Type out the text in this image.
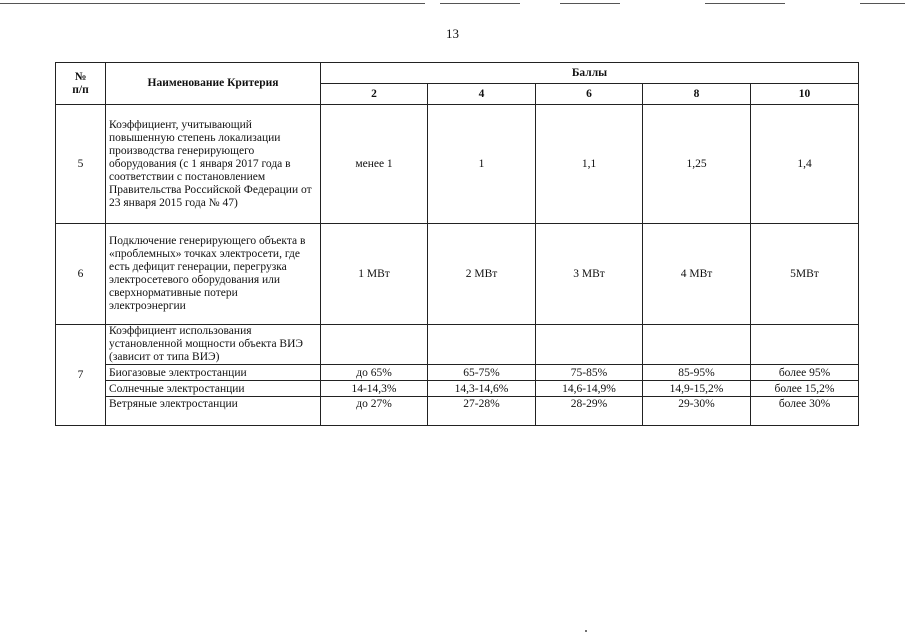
13
№
п/п	Наименование Критерия	Баллы				
		2	4	6	8	10
5	Коэффициент, учитывающий повышенную степень локализации производства генерирующего оборудования (с 1 января 2017 года в соответствии с постановлением Правительства Российской Федерации от 23 января 2015 года № 47)	менее 1	1	1,1	1,25	1,4
6	Подключение генерирующего объекта в «проблемных» точках электросети, где есть дефицит генерации, перегрузка электросетевого оборудования или сверхнормативные потери электроэнергии	1 МВт	2 МВт	3 МВт	4 МВт	5МВт
7	Коэффициент использования установленной мощности объекта ВИЭ (зависит от типа ВИЭ)					
	Биогазовые электростанции	до 65%	65-75%	75-85%	85-95%	более 95%
	Солнечные электростанции	14-14,3%	14,3-14,6%	14,6-14,9%	14,9-15,2%	более 15,2%
	Ветряные электростанции	до 27%	27-28%	28-29%	29-30%	более 30%
